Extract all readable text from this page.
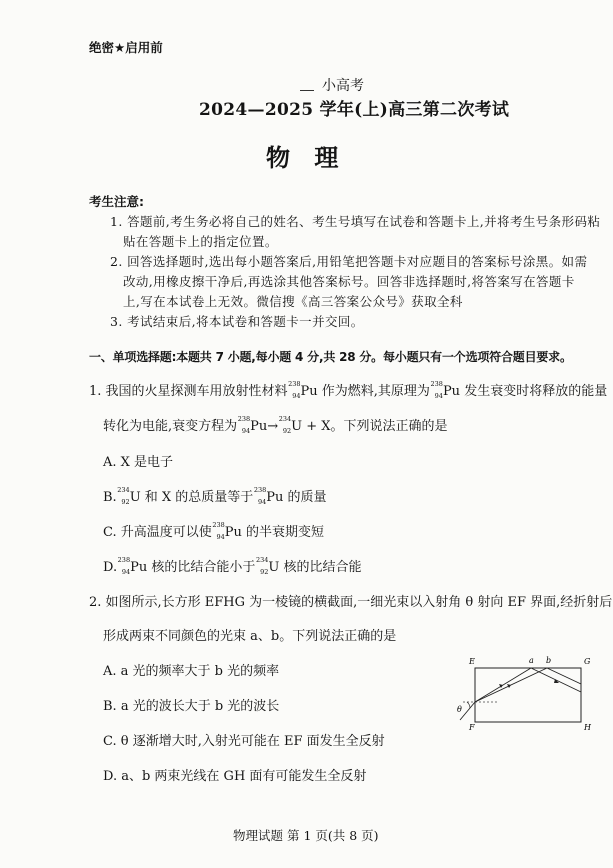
绝密★启用前
小高考
2024—2025 学年(上)高三第二次考试
物 理
考生注意:
1. 答题前,考生务必将自己的姓名、考生号填写在试卷和答题卡上,并将考生号条形码粘
贴在答题卡上的指定位置。
2. 回答选择题时,选出每小题答案后,用铅笔把答题卡对应题目的答案标号涂黑。如需
改动,用橡皮擦干净后,再选涂其他答案标号。回答非选择题时,将答案写在答题卡
上,写在本试卷上无效。微信搜《高三答案公众号》获取全科
3. 考试结束后,将本试卷和答题卡一并交回。
一、单项选择题:本题共 7 小题,每小题 4 分,共 28 分。每小题只有一个选项符合题目要求。
1. 我国的火星探测车用放射性材料 238
94 Pu 作为燃料,其原理为 238
94 Pu 发生衰变时将释放的能量
转化为电能,衰变方程为 238
94 Pu→ 234
92 U + X。下列说法正确的是
A. X 是电子
B. 234
92 U 和 X 的总质量等于 238
94 Pu 的质量
C. 升高温度可以使 238
94 Pu 的半衰期变短
D. 238
94 Pu 核的比结合能小于 234
92 U 核的比结合能
2. 如图所示,长方形 EFHG 为一棱镜的横截面,一细光束以入射角 θ 射向 EF 界面,经折射后
形成两束不同颜色的光束 a、b。下列说法正确的是
A. a 光的频率大于 b 光的频率
B. a 光的波长大于 b 光的波长
C. θ 逐渐增大时,入射光可能在 EF 面发生全反射
D. a、b 两束光线在 GH 面有可能发生全反射
E	G
F	H
a b
θ
物理试题 第 1 页(共 8 页)
